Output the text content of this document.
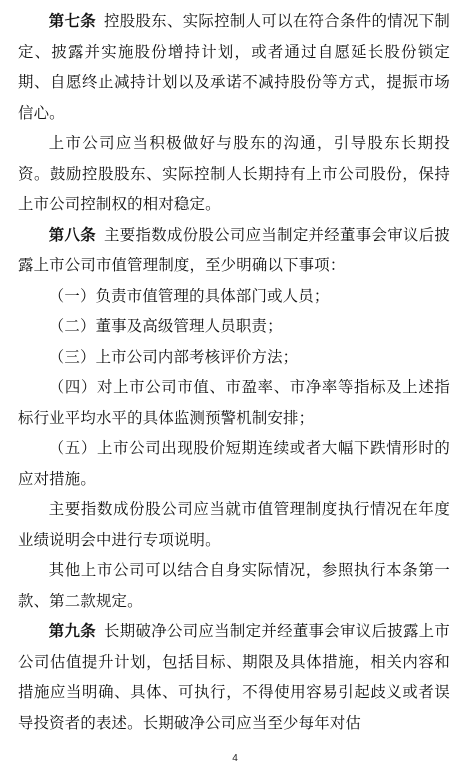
第七条  控股股东、实际控制人可以在符合条件的情况下制定、披露并实施股份增持计划，或者通过自愿延长股份锁定期、自愿终止减持计划以及承诺不减持股份等方式，提振市场信心。

上市公司应当积极做好与股东的沟通，引导股东长期投资。鼓励控股股东、实际控制人长期持有上市公司股份，保持上市公司控制权的相对稳定。

第八条  主要指数成份股公司应当制定并经董事会审议后披露上市公司市值管理制度，至少明确以下事项：

（一）负责市值管理的具体部门或人员；

（二）董事及高级管理人员职责；

（三）上市公司内部考核评价方法；

（四）对上市公司市值、市盈率、市净率等指标及上述指标行业平均水平的具体监测预警机制安排；

（五）上市公司出现股价短期连续或者大幅下跌情形时的应对措施。

主要指数成份股公司应当就市值管理制度执行情况在年度业绩说明会中进行专项说明。

其他上市公司可以结合自身实际情况，参照执行本条第一款、第二款规定。

第九条  长期破净公司应当制定并经董事会审议后披露上市公司估值提升计划，包括目标、期限及具体措施，相关内容和措施应当明确、具体、可执行，不得使用容易引起歧义或者误导投资者的表述。长期破净公司应当至少每年对估

4
